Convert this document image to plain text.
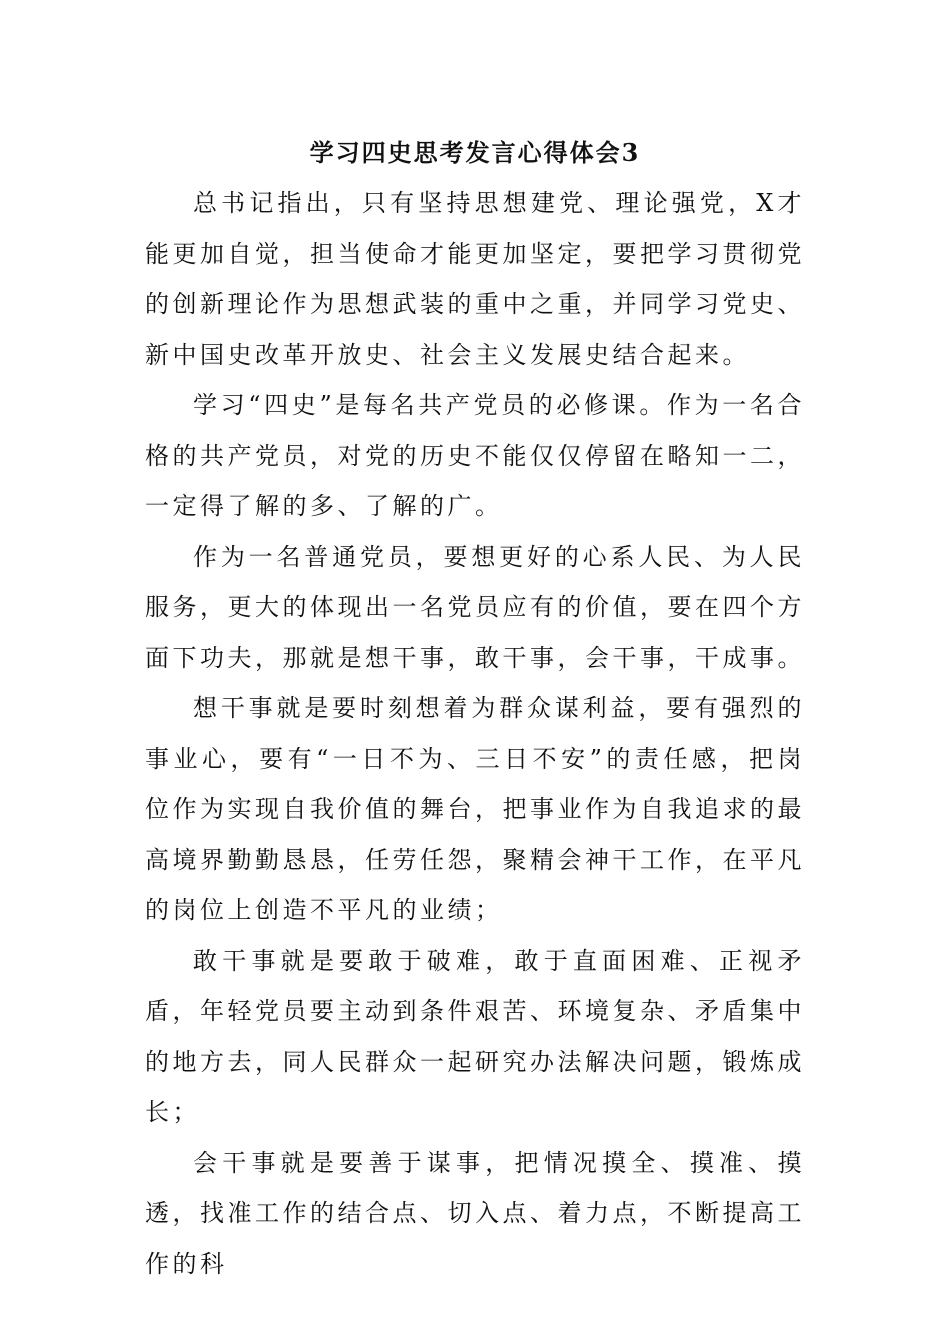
学习四史思考发言心得体会3

总书记指出，只有坚持思想建党、理论强党，X才能更加自觉，担当使命才能更加坚定，要把学习贯彻党的创新理论作为思想武装的重中之重，并同学习党史、新中国史改革开放史、社会主义发展史结合起来。

学习“四史”是每名共产党员的必修课。作为一名合格的共产党员，对党的历史不能仅仅停留在略知一二，一定得了解的多、了解的广。

作为一名普通党员，要想更好的心系人民、为人民服务，更大的体现出一名党员应有的价值，要在四个方面下功夫，那就是想干事，敢干事，会干事，干成事。

想干事就是要时刻想着为群众谋利益，要有强烈的事业心，要有“一日不为、三日不安”的责任感，把岗位作为实现自我价值的舞台，把事业作为自我追求的最高境界勤勤恳恳，任劳任怨，聚精会神干工作，在平凡的岗位上创造不平凡的业绩；

敢干事就是要敢于破难，敢于直面困难、正视矛盾，年轻党员要主动到条件艰苦、环境复杂、矛盾集中的地方去，同人民群众一起研究办法解决问题，锻炼成长；

会干事就是要善于谋事，把情况摸全、摸准、摸透，找准工作的结合点、切入点、着力点，不断提高工作的科
